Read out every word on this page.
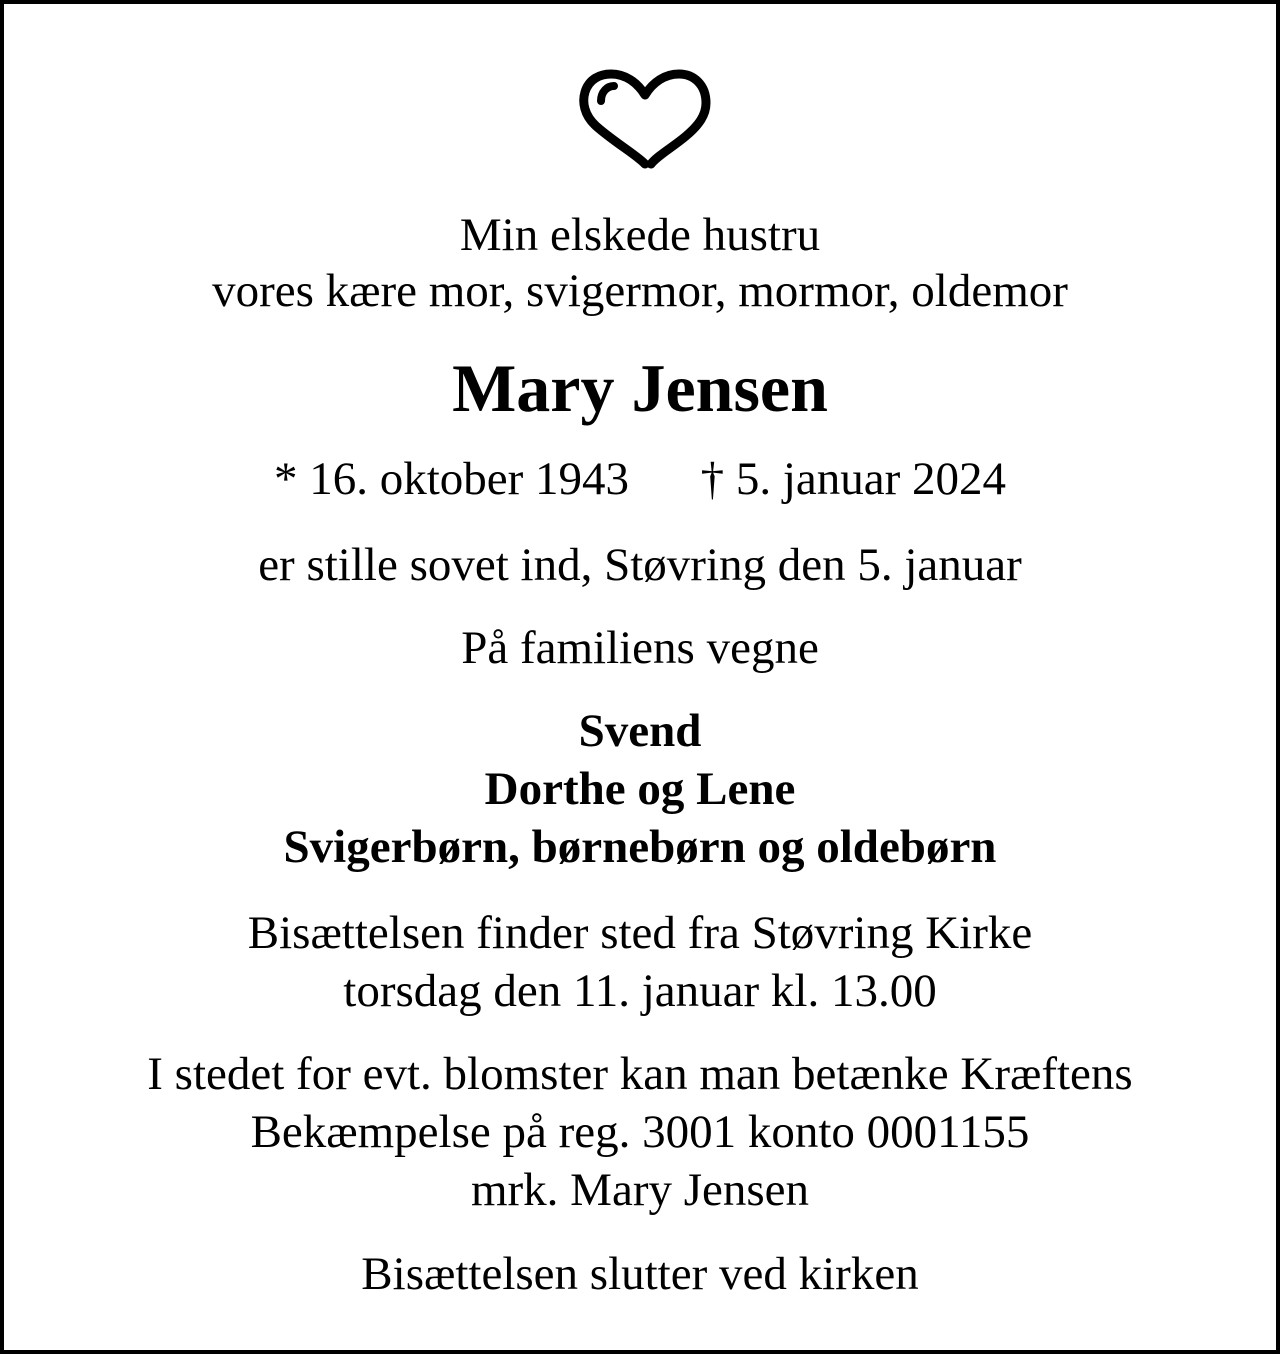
Min elskede hustru
vores kære mor, svigermor, mormor, oldemor
Mary Jensen
* 16. oktober 1943 † 5. januar 2024
er stille sovet ind, Støvring den 5. januar
På familiens vegne
Svend
Dorthe og Lene
Svigerbørn, børnebørn og oldebørn
Bisættelsen finder sted fra Støvring Kirke
torsdag den 11. januar kl. 13.00
I stedet for evt. blomster kan man betænke Kræftens
Bekæmpelse på reg. 3001 konto 0001155
mrk. Mary Jensen
Bisættelsen slutter ved kirken
